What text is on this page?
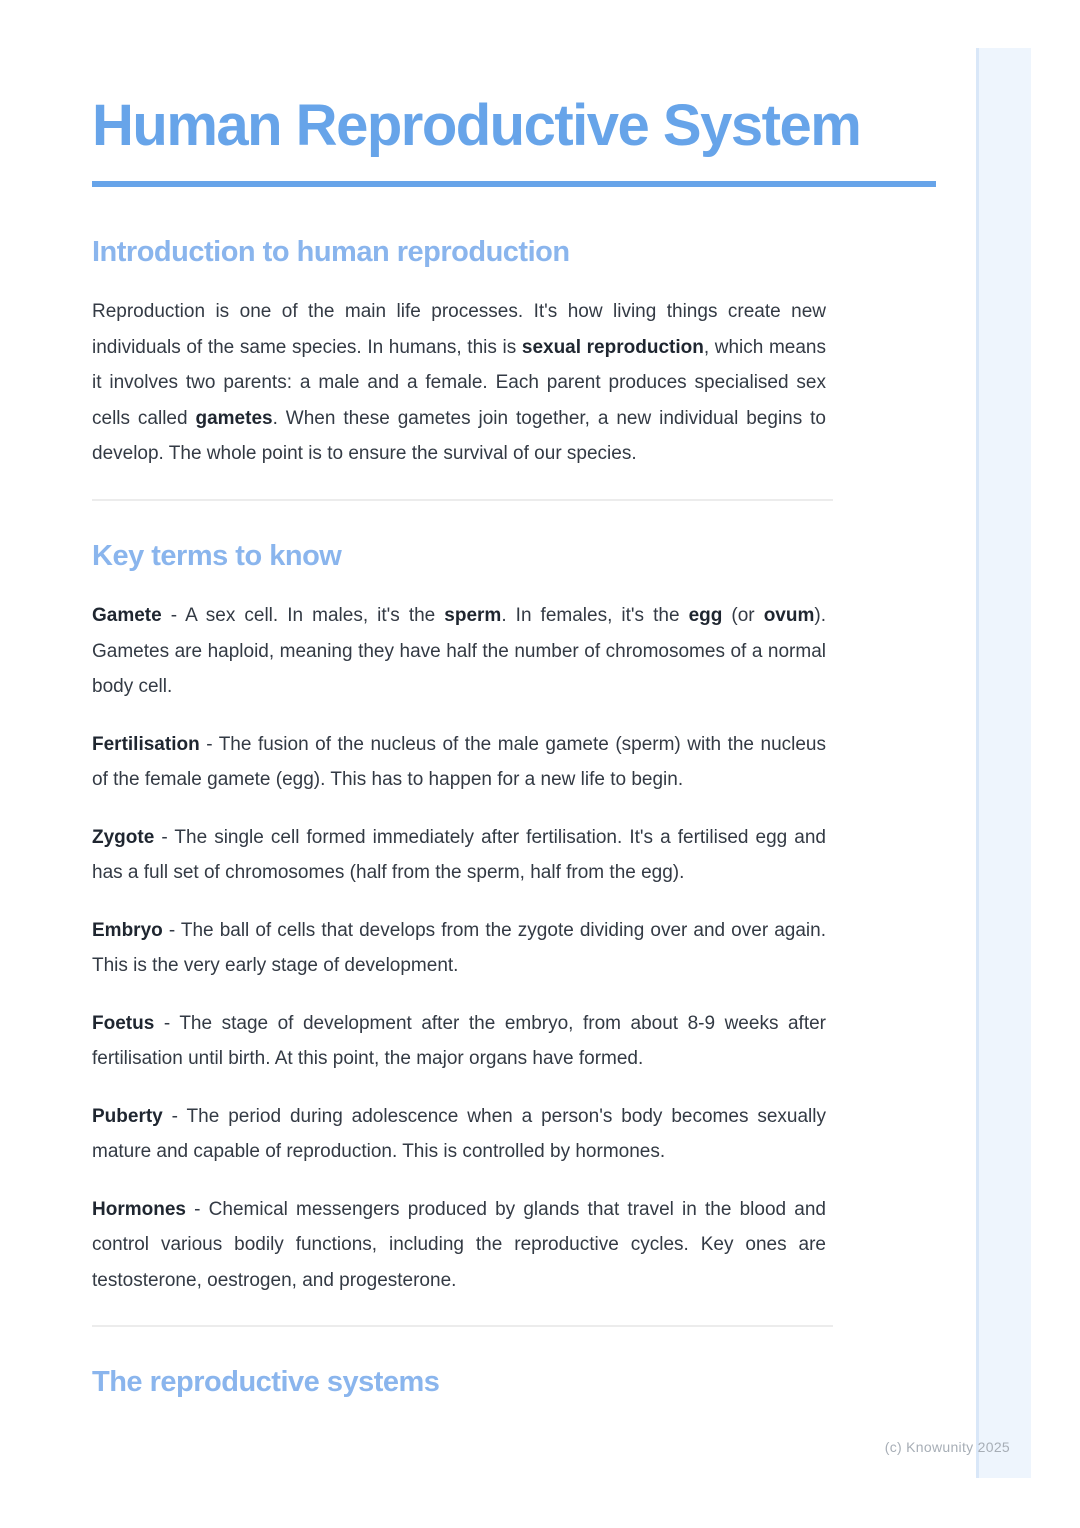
Human Reproductive System
Introduction to human reproduction

Reproduction is one of the main life processes. It's how living things create new individuals of the same species. In humans, this is sexual reproduction, which means it involves two parents: a male and a female. Each parent produces specialised sex cells called gametes. When these gametes join together, a new individual begins to develop. The whole point is to ensure the survival of our species.

Key terms to know

Gamete - A sex cell. In males, it's the sperm. In females, it's the egg (or ovum). Gametes are haploid, meaning they have half the number of chromosomes of a normal body cell.

Fertilisation - The fusion of the nucleus of the male gamete (sperm) with the nucleus of the female gamete (egg). This has to happen for a new life to begin.

Zygote - The single cell formed immediately after fertilisation. It's a fertilised egg and has a full set of chromosomes (half from the sperm, half from the egg).

Embryo - The ball of cells that develops from the zygote dividing over and over again. This is the very early stage of development.

Foetus - The stage of development after the embryo, from about 8-9 weeks after fertilisation until birth. At this point, the major organs have formed.

Puberty - The period during adolescence when a person's body becomes sexually mature and capable of reproduction. This is controlled by hormones.

Hormones - Chemical messengers produced by glands that travel in the blood and control various bodily functions, including the reproductive cycles. Key ones are testosterone, oestrogen, and progesterone.

The reproductive systems
(c) Knowunity 2025
